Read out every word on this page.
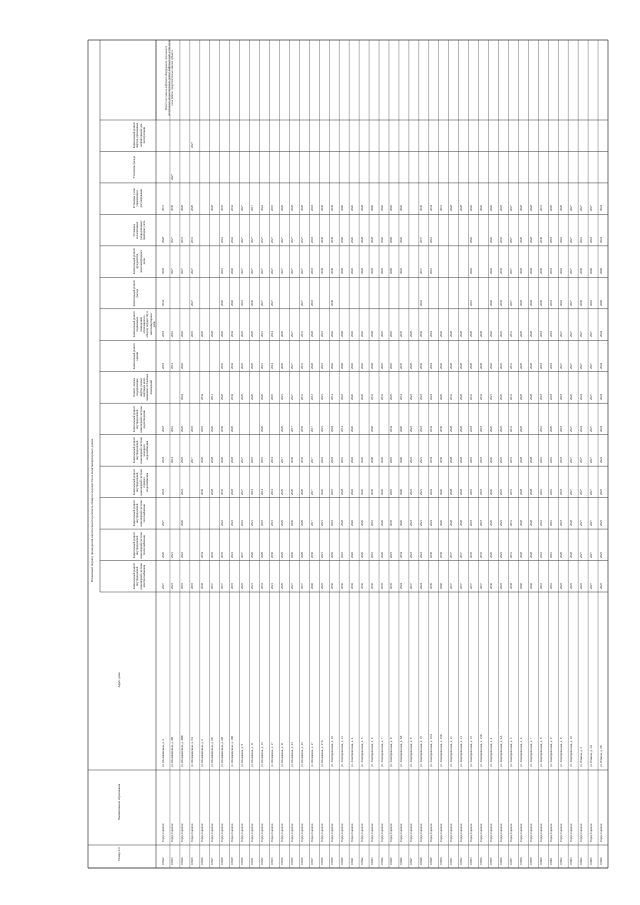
Плановый период проведения капитального ремонта общего имущества в многоквартирных домах
Номер п/п
Наименование образования
Адрес дома
Капитальный ремонт внутридомовой инженерной системы электроснабжения
Капитальный ремонт внутридомовой инженерной системы теплоснабжения
Капитальный ремонт внутридомовой инженерной системы газоснабжения
Капитальный ремонт внутридомовой инженерной системы горячего водоснабжения
Капитальный ремонт внутридомовой инженерной системы холодного водоснабжения
Капитальный ремонт внутридомовой инженерной системы водоотведения
Ремонт, замена, модернизация лифтов, ремонт лифтовых шахт, машинных и блочных помещений
Капитальный ремонт крыши
Капитальный ремонт подвальных помещений, относящихся к общему имуществу в многоквартирном доме
Капитальный ремонт фасада
Капитальный ремонт фундамента многоквартирного дома
Установка коллективных (общедомовых) приборов учета
Установка узлов управления и регулирования
Утепление фасада
Капитальный ремонт лифтов, признанных непригодными для эксплуатации
Ремонт или замена лифтового оборудования, признанного непригодным для эксплуатации, ремонт лифтовых шахт, в том числе иные работы, предусмотренные законом субъекта
10822
Город Саратов
ул. Шелковичная, д. 4
2027
2026
2027
2018
2018
2018
2018
2018
2034
2028
2028
2031
10823
Город Саратов
ул. Шелковичная, д. 4В
2023
2021
2014
2016
2014
2016
2027
2027
2030
2027
10824
Город Саратов
ул. Шелковичная, д. 4ВБ
2019
2022
2026
2023
2025
2025
2024
2026
2026
2027
2031
2029
10825
Город Саратов
ул. Шелковичная, д. 5А
2019
2017
2019
2019
2027
2027
2031
2029
2027
10826
Город Саратов
ул. Шелковичная, д. 6
2038
2034
2030
2020
2019
2034
2020
10827
Город Саратов
ул. Шелковичная, д. 6Б
2037
2035
2028
2028
2026
2013
2028
2028
10828
Город Саратов
ул. Шелковичная, д. 6В
2037
2035
2022
2035
2020
2030
2028
2035
2020
2040
2041
2041
2035
10829
Город Саратов
ул. Шелковичная, д. 10Б
2019
2022
2023
2028
2028
2029
2034
2034
2034
2040
2040
2042
2032
10830
Город Саратов
ул. Шелковая, д. 9
2025
2037
2016
2027
2027
2025
2025
2025
2041
2027
2027
2027
10831
Город Саратов
ул. Шелковая, д. 11
2021
2020
2021
2014
2019
2029
2029
2029
2030
2027
2027
2017
10832
Город Саратов
ул. Шелковая, д. 15
2033
2029
2019
2014
2019
2020
2020
2021
2021
2027
2027
2027
2022
10833
Город Саратов
ул. Шелковая, д. 17
2021
2030
2015
2014
2014
2019
2014
2014
2027
2027
2027
2019
10834
Город Саратов
ул. Шелковая, д. 21
2029
2029
2029
2029
2017
2029
2021
2029
2029
2027
2027
2029
10835
Город Саратов
ул. Шелковая, д. 23
2027
2030
2030
2029
2030
2017
2027
2027
2027
2027
2027
2029
10836
Город Саратов
ул. Шелковая, д. 25
2037
2029
2029
2029
2035
2035
2031
2031
2031
2027
2027
2027
2029
10837
Город Саратов
ул. Шелковая, д. 27
2040
2030
2017
2017
2017
2017
2013
2028
2028
2018
2018
2018
2018
10838
Город Саратов
ул. Шелковая, д. 27А
2025
2021
2021
2026
2022
2021
2021
2023
2023
2038
2038
2038
10839
Город Саратов
ул. Электровозная, д. 10
2036
2036
2019
2019
2024
2024
2014
2046
2046
2038
2038
2038
2038
10840
Город Саратов
ул. Электровозная, д. 12
2036
2016
2028
2028
2016
2014
2022
2040
2040
2048
2048
2040
10841
Город Саратов
ул. Электровозная, д. 4
2036
2026
2026
2026
2026
2026
2026
2026
2026
2026
2026
2026
10842
Город Саратов
ул. Электровозная, д. 5
2036
2026
2026
2026
2026
2026
2026
2026
2028
2028
2028
10843
Город Саратов
ул. Электровозная, д. 6
2036
2016
2016
2030
2040
2040
2033
2040
2040
2028
2028
2040
10844
Город Саратов
ул. Электровозная, д. 7
2035
2026
2026
2026
2026
2033
2025
2025
2026
2026
2026
10845
Город Саратов
ул. Электровозная, д. 8
2035
2025
2035
2025
2025
2034
2025
2025
2025
2049
2049
2045
10846
Город Саратов
ул. Электровозная, д. 8А
2024
2034
2026
2040
2040
2040
2014
2035
2035
2026
2026
2026
10847
Город Саратов
ул. Электровозная, д. 9
2037
2023
2023
2023
2023
2023
2023
2029
2029
10848
Город Саратов
ул. Электровозная, д. 10
2024
2023
2021
2021
2021
2022
2022
2036
2036
2042
2037
2037
2036
10849
Город Саратов
ул. Электровозная, д. 10А
2039
2030
2024
2024
2034
2034
2024
2024
2024
2041
2041
2034
10850
Город Саратов
ул. Электровозная, д. 10Б
2040
2030
2026
2026
2030
2030
2026
2026
2026
2031
10851
Город Саратов
ул. Электровозная, д. 11
2037
2037
2028
2028
2028
2028
2033
2028
2028
2028
10852
Город Саратов
ул. Электровозная, д. 13
2037
2037
2028
2028
2028
2028
2028
2028
2028
2028
10853
Город Саратов
ул. Электровозная, д. 15
2037
2035
2018
2018
2018
2018
2033
2028
2028
2041
2026
2026
2026
10854
Город Саратов
ул. Электровозная, д. 15Б
2037
2035
2018
2018
2018
2018
2032
2028
2028
2026
10855
Город Саратов
ул. Электровозная, д. 4
2036
2026
2026
2026
2026
2026
2021
2026
2026
2040
2026
2026
2026
10856
Город Саратов
ул. Электровозная, д. 4А
2025
2025
2025
2025
2025
2025
2026
2025
2025
2035
2035
2035
2025
10857
Город Саратов
ул. Электровозная, д. 5
2038
2031
2031
2031
2031
2031
2031
2031
2031
2027
2027
2027
2027
10858
Город Саратов
ул. Электровозная, д. 6
2040
2028
2028
2028
2028
2028
2028
2029
2029
2029
2029
2029
2028
10859
Город Саратов
ул. Электровозная, д. 7
2040
2028
2028
2028
2028
2028
2028
2028
2028
2028
2028
2028
10860
Город Саратов
ул. Электровозная, д. 8
2016
2016
2016
2016
2016
2016
2018
2018
2018
2038
2038
2038
2031
10861
Город Саратов
ул. Электровозная, д. 9
2016
2016
2016
2016
2016
2029
2018
2018
2018
2018
2018
2018
2029
10862
Город Саратов
ул. Электровозная, д. 9
2025
2020
2018
2018
2018
2018
2018
2027
2027
2042
2042
2042
2029
10863
Город Саратов
ул. Электровозная, д. 10
2025
2028
2028
2027
2027
2027
2026
2027
2027
2027
2027
2027
2027
10864
Город Саратов
ул. Южная, д. 3
2025
2027
2027
2027
2027
2024
2024
2027
2027
2039
2039
2041
2027
10865
Город Саратов
ул. Южная, д. 3А
2027
2027
2027
2027
2027
2027
2027
2027
2027
2043
2040
2043
2027
10866
Город Саратов
ул. Южная, д. 5Б
2025
2025
2025
2025
2024
2024
2024
2024
2024
2040
2040
2024
2024
